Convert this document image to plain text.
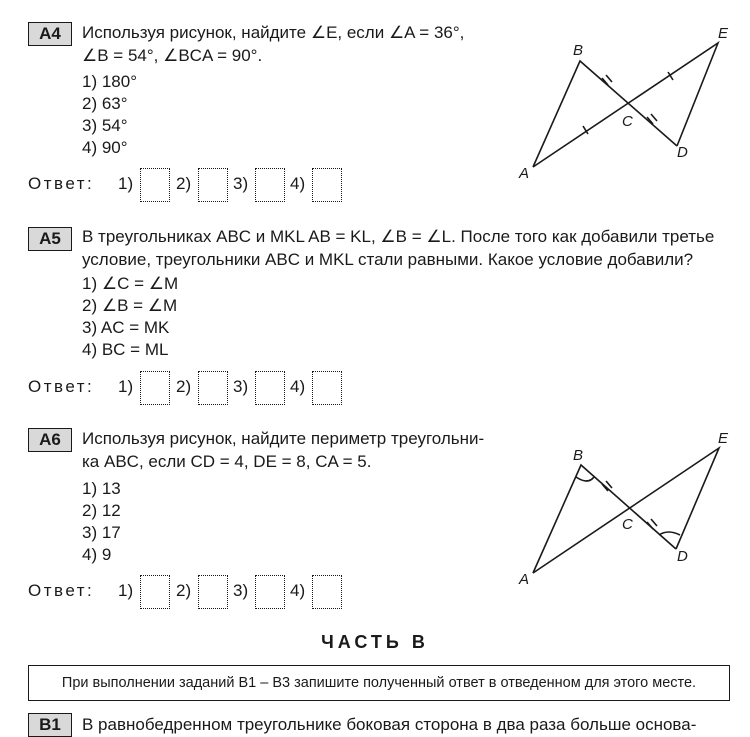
A4	Используя рисунок, найдите ∠E, если ∠A = 36°,
∠B = 54°, ∠BCA = 90°.
1) 180°
2) 63°
3) 54°
4) 90°
A
B
C
D
E
Ответ: 1)	2) 3) 4)
A5	В треугольниках ABC и MKL AB = KL, ∠B = ∠L. После того как добавили третье
условие, треугольники ABC и MKL стали равными. Какое условие добавили?
1) ∠C = ∠M
2) ∠B = ∠M
3) AC = MK
4) BC = ML
Ответ: 1)	2) 3) 4)
A6	Используя рисунок, найдите периметр треугольни-
ка ABC, если CD = 4, DE = 8, CA = 5.
1) 13
2) 12
3) 17
4) 9
A
B
C
D
E
Ответ: 1)	2) 3) 4)
ЧАСТЬ В
При выполнении заданий В1 – В3 запишите полученный ответ в отведенном для этого месте.
В1	В равнобедренном треугольнике боковая сторона в два раза больше основа-
